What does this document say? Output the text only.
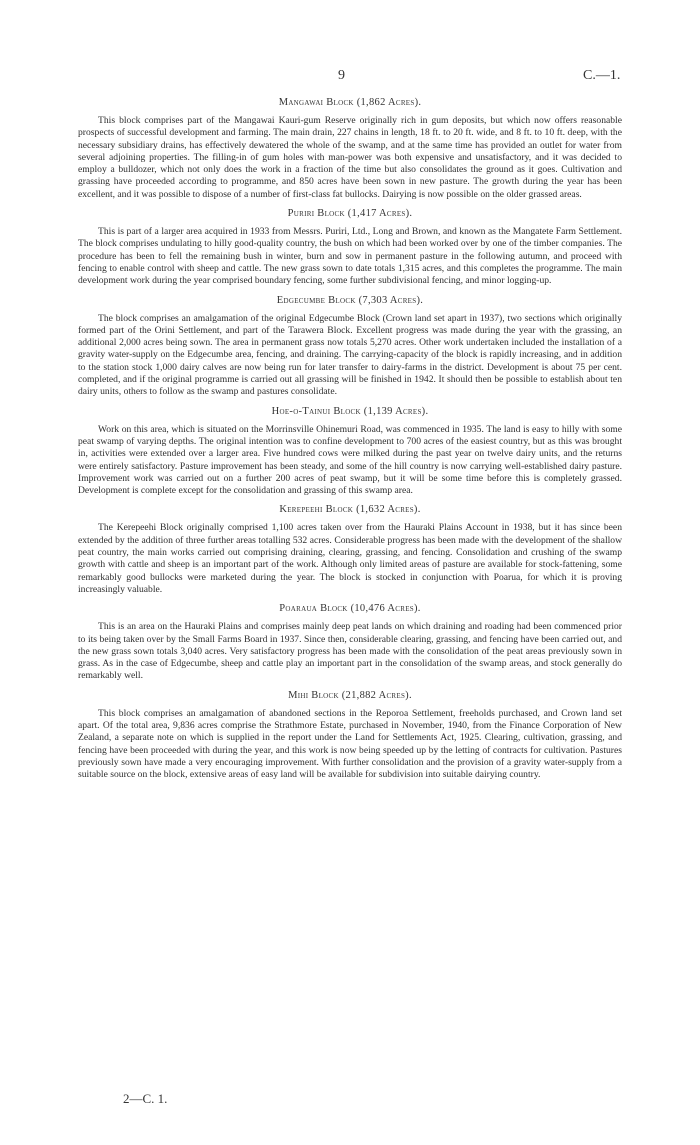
9	C.—1.
Mangawai Block (1,862 Acres).

This block comprises part of the Mangawai Kauri-gum Reserve originally rich in gum deposits, but which now offers reasonable prospects of successful development and farming. The main drain, 227 chains in length, 18 ft. to 20 ft. wide, and 8 ft. to 10 ft. deep, with the necessary subsidiary drains, has effectively dewatered the whole of the swamp, and at the same time has provided an outlet for water from several adjoining properties. The filling-in of gum holes with man-power was both expensive and unsatisfactory, and it was decided to employ a bulldozer, which not only does the work in a fraction of the time but also consolidates the ground as it goes. Cultivation and grassing have proceeded according to programme, and 850 acres have been sown in new pasture. The growth during the year has been excellent, and it was possible to dispose of a number of first-class fat bullocks. Dairying is now possible on the older grassed areas.

Puriri Block (1,417 Acres).

This is part of a larger area acquired in 1933 from Messrs. Puriri, Ltd., Long and Brown, and known as the Mangatete Farm Settlement. The block comprises undulating to hilly good-quality country, the bush on which had been worked over by one of the timber companies. The procedure has been to fell the remaining bush in winter, burn and sow in permanent pasture in the following autumn, and proceed with fencing to enable control with sheep and cattle. The new grass sown to date totals 1,315 acres, and this completes the programme. The main development work during the year comprised boundary fencing, some further subdivisional fencing, and minor logging-up.

Edgecumbe Block (7,303 Acres).

The block comprises an amalgamation of the original Edgecumbe Block (Crown land set apart in 1937), two sections which originally formed part of the Orini Settlement, and part of the Tarawera Block. Excellent progress was made during the year with the grassing, an additional 2,000 acres being sown. The area in permanent grass now totals 5,270 acres. Other work undertaken included the installation of a gravity water-supply on the Edgecumbe area, fencing, and draining. The carrying-capacity of the block is rapidly increasing, and in addition to the station stock 1,000 dairy calves are now being run for later transfer to dairy-farms in the district. Development is about 75 per cent. completed, and if the original programme is carried out all grassing will be finished in 1942. It should then be possible to establish about ten dairy units, others to follow as the swamp and pastures consolidate.

Hoe-o-Tainui Block (1,139 Acres).

Work on this area, which is situated on the Morrinsville Ohinemuri Road, was commenced in 1935. The land is easy to hilly with some peat swamp of varying depths. The original intention was to confine development to 700 acres of the easiest country, but as this was brought in, activities were extended over a larger area. Five hundred cows were milked during the past year on twelve dairy units, and the returns were entirely satisfactory. Pasture improvement has been steady, and some of the hill country is now carrying well-established dairy pasture. Improvement work was carried out on a further 200 acres of peat swamp, but it will be some time before this is completely grassed. Development is complete except for the consolidation and grassing of this swamp area.

Kerepeehi Block (1,632 Acres).

The Kerepeehi Block originally comprised 1,100 acres taken over from the Hauraki Plains Account in 1938, but it has since been extended by the addition of three further areas totalling 532 acres. Considerable progress has been made with the development of the shallow peat country, the main works carried out comprising draining, clearing, grassing, and fencing. Consolidation and crushing of the swamp growth with cattle and sheep is an important part of the work. Although only limited areas of pasture are available for stock-fattening, some remarkably good bullocks were marketed during the year. The block is stocked in conjunction with Poarua, for which it is proving increasingly valuable.

Poaraua Block (10,476 Acres).

This is an area on the Hauraki Plains and comprises mainly deep peat lands on which draining and roading had been commenced prior to its being taken over by the Small Farms Board in 1937. Since then, considerable clearing, grassing, and fencing have been carried out, and the new grass sown totals 3,040 acres. Very satisfactory progress has been made with the consolidation of the peat areas previously sown in grass. As in the case of Edgecumbe, sheep and cattle play an important part in the consolidation of the swamp areas, and stock generally do remarkably well.

Mihi Block (21,882 Acres).

This block comprises an amalgamation of abandoned sections in the Reporoa Settlement, freeholds purchased, and Crown land set apart. Of the total area, 9,836 acres comprise the Strathmore Estate, purchased in November, 1940, from the Finance Corporation of New Zealand, a separate note on which is supplied in the report under the Land for Settlements Act, 1925. Clearing, cultivation, grassing, and fencing have been proceeded with during the year, and this work is now being speeded up by the letting of contracts for cultivation. Pastures previously sown have made a very encouraging improvement. With further consolidation and the provision of a gravity water-supply from a suitable source on the block, extensive areas of easy land will be available for subdivision into suitable dairying country.

2—C. 1.
